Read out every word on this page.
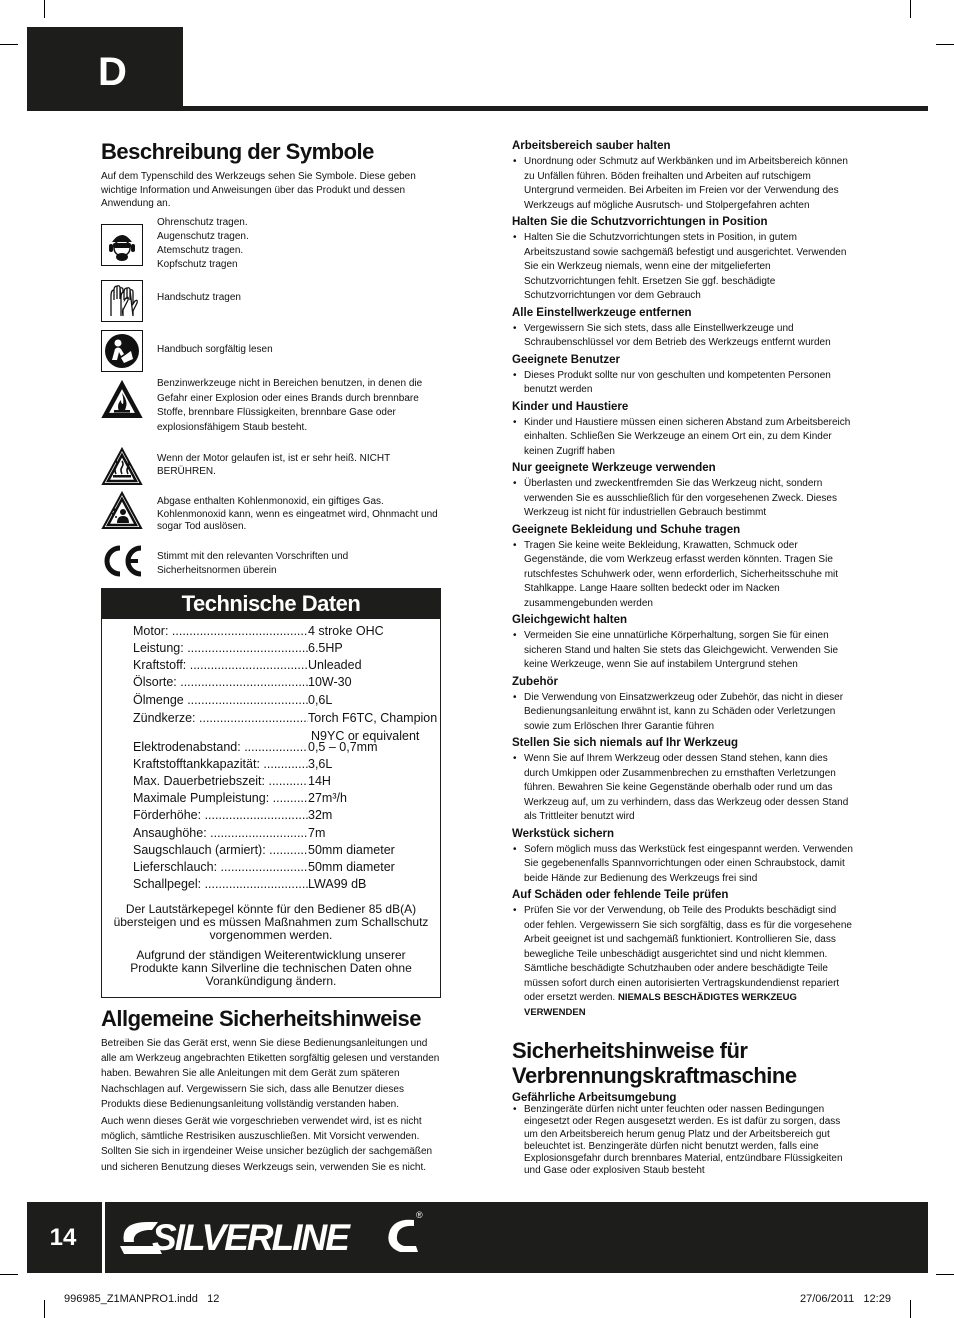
D
Beschreibung der Symbole
Auf dem Typenschild des Werkzeugs sehen Sie Symbole. Diese geben wichtige Information und Anweisungen über das Produkt und dessen Anwendung an.
Ohrenschutz tragen.
Augenschutz tragen.
Atemschutz tragen.
Kopfschutz tragen
Handschutz tragen
Handbuch sorgfältig lesen
Benzinwerkzeuge nicht in Bereichen benutzen, in denen die
Gefahr einer Explosion oder eines Brands durch brennbare
Stoffe, brennbare Flüssigkeiten, brennbare Gase oder
explosionsfähigem Staub besteht.
Wenn der Motor gelaufen ist, ist er sehr heiß. NICHT
BERÜHREN.
Abgase enthalten Kohlenmonoxid, ein giftiges Gas.
Kohlenmonoxid kann, wenn es eingeatmet wird, Ohnmacht und
sogar Tod auslösen.
Stimmt mit den relevanten Vorschriften und
Sicherheitsnormen überein
Technische Daten
Motor: .....	4 stroke OHC
Leistung: .....	6.5HP
Kraftstoff: .....	Unleaded
Ölsorte: .....	10W-30
Ölmenge .....	0,6L
Zündkerze: .....	Torch F6TC, Champion
N9YC or equivalent
Elektrodenabstand: .....	0,5 – 0,7mm
Kraftstofftankkapazität: .....	3,6L
Max. Dauerbetriebszeit: .....	14H
Maximale Pumpleistung: .....	27m³/h
Förderhöhe: .....	32m
Ansaughöhe: .....	7m
Saugschlauch (armiert): .....	50mm diameter
Lieferschlauch: .....	50mm diameter
Schallpegel: .....	LWA99 dB
Der Lautstärkepegel könnte für den Bediener 85 dB(A) übersteigen und es müssen Maßnahmen zum Schallschutz vorgenommen werden.
Aufgrund der ständigen Weiterentwicklung unserer Produkte kann Silverline die technischen Daten ohne Vorankündigung ändern.
Allgemeine Sicherheitshinweise
Betreiben Sie das Gerät erst, wenn Sie diese Bedienungsanleitungen und alle am Werkzeug angebrachten Etiketten sorgfältig gelesen und verstanden haben. Bewahren Sie alle Anleitungen mit dem Gerät zum späteren Nachschlagen auf. Vergewissern Sie sich, dass alle Benutzer dieses Produkts diese Bedienungsanleitung vollständig verstanden haben.
Auch wenn dieses Gerät wie vorgeschrieben verwendet wird, ist es nicht möglich, sämtliche Restrisiken auszuschließen. Mit Vorsicht verwenden. Sollten Sie sich in irgendeiner Weise unsicher bezüglich der sachgemäßen und sicheren Benutzung dieses Werkzeugs sein, verwenden Sie es nicht.
Arbeitsbereich sauber halten
• Unordnung oder Schmutz auf Werkbänken und im Arbeitsbereich können zu Unfällen führen. Böden freihalten und Arbeiten auf rutschigem Untergrund vermeiden. Bei Arbeiten im Freien vor der Verwendung des Werkzeugs auf mögliche Ausrutsch- und Stolpergefahren achten
Halten Sie die Schutzvorrichtungen in Position
• Halten Sie die Schutzvorrichtungen stets in Position, in gutem Arbeitszustand sowie sachgemäß befestigt und ausgerichtet. Verwenden Sie ein Werkzeug niemals, wenn eine der mitgelieferten Schutzvorrichtungen fehlt. Ersetzen Sie ggf. beschädigte Schutzvorrichtungen vor dem Gebrauch
Alle Einstellwerkzeuge entfernen
• Vergewissern Sie sich stets, dass alle Einstellwerkzeuge und Schraubenschlüssel vor dem Betrieb des Werkzeugs entfernt wurden
Geeignete Benutzer
• Dieses Produkt sollte nur von geschulten und kompetenten Personen benutzt werden
Kinder und Haustiere
• Kinder und Haustiere müssen einen sicheren Abstand zum Arbeitsbereich einhalten. Schließen Sie Werkzeuge an einem Ort ein, zu dem Kinder keinen Zugriff haben
Nur geeignete Werkzeuge verwenden
• Überlasten und zweckentfremden Sie das Werkzeug nicht, sondern verwenden Sie es ausschließlich für den vorgesehenen Zweck. Dieses Werkzeug ist nicht für industriellen Gebrauch bestimmt
Geeignete Bekleidung und Schuhe tragen
• Tragen Sie keine weite Bekleidung, Krawatten, Schmuck oder Gegenstände, die vom Werkzeug erfasst werden könnten. Tragen Sie rutschfestes Schuhwerk oder, wenn erforderlich, Sicherheitsschuhe mit Stahlkappe. Lange Haare sollten bedeckt oder im Nacken zusammengebunden werden
Gleichgewicht halten
• Vermeiden Sie eine unnatürliche Körperhaltung, sorgen Sie für einen sicheren Stand und halten Sie stets das Gleichgewicht. Verwenden Sie keine Werkzeuge, wenn Sie auf instabilem Untergrund stehen
Zubehör
• Die Verwendung von Einsatzwerkzeug oder Zubehör, das nicht in dieser Bedienungsanleitung erwähnt ist, kann zu Schäden oder Verletzungen sowie zum Erlöschen Ihrer Garantie führen
Stellen Sie sich niemals auf Ihr Werkzeug
• Wenn Sie auf Ihrem Werkzeug oder dessen Stand stehen, kann dies durch Umkippen oder Zusammenbrechen zu ernsthaften Verletzungen führen. Bewahren Sie keine Gegenstände oberhalb oder rund um das Werkzeug auf, um zu verhindern, dass das Werkzeug oder dessen Stand als Trittleiter benutzt wird
Werkstück sichern
• Sofern möglich muss das Werkstück fest eingespannt werden. Verwenden Sie gegebenenfalls Spannvorrichtungen oder einen Schraubstock, damit beide Hände zur Bedienung des Werkzeugs frei sind
Auf Schäden oder fehlende Teile prüfen
• Prüfen Sie vor der Verwendung, ob Teile des Produkts beschädigt sind oder fehlen. Vergewissern Sie sich sorgfältig, dass es für die vorgesehene Arbeit geeignet ist und sachgemäß funktioniert. Kontrollieren Sie, dass bewegliche Teile unbeschädigt ausgerichtet sind und nicht klemmen. Sämtliche beschädigte Schutzhauben oder andere beschädigte Teile müssen sofort durch einen autorisierten Vertragskundendienst repariert oder ersetzt werden. NIEMALS BESCHÄDIGTES WERKZEUG VERWENDEN
Sicherheitshinweise für
Verbrennungskraftmaschine
Gefährliche Arbeitsumgebung
• Benzingeräte dürfen nicht unter feuchten oder nassen Bedingungen eingesetzt oder Regen ausgesetzt werden. Es ist dafür zu sorgen, dass um den Arbeitsbereich herum genug Platz und der Arbeitsbereich gut beleuchtet ist. Benzingeräte dürfen nicht benutzt werden, falls eine Explosionsgefahr durch brennbares Material, entzündbare Flüssigkeiten und Gase oder explosiven Staub besteht
14	SILVERLINE
®
996985_Z1MANPRO1.indd   12	27/06/2011   12:29
